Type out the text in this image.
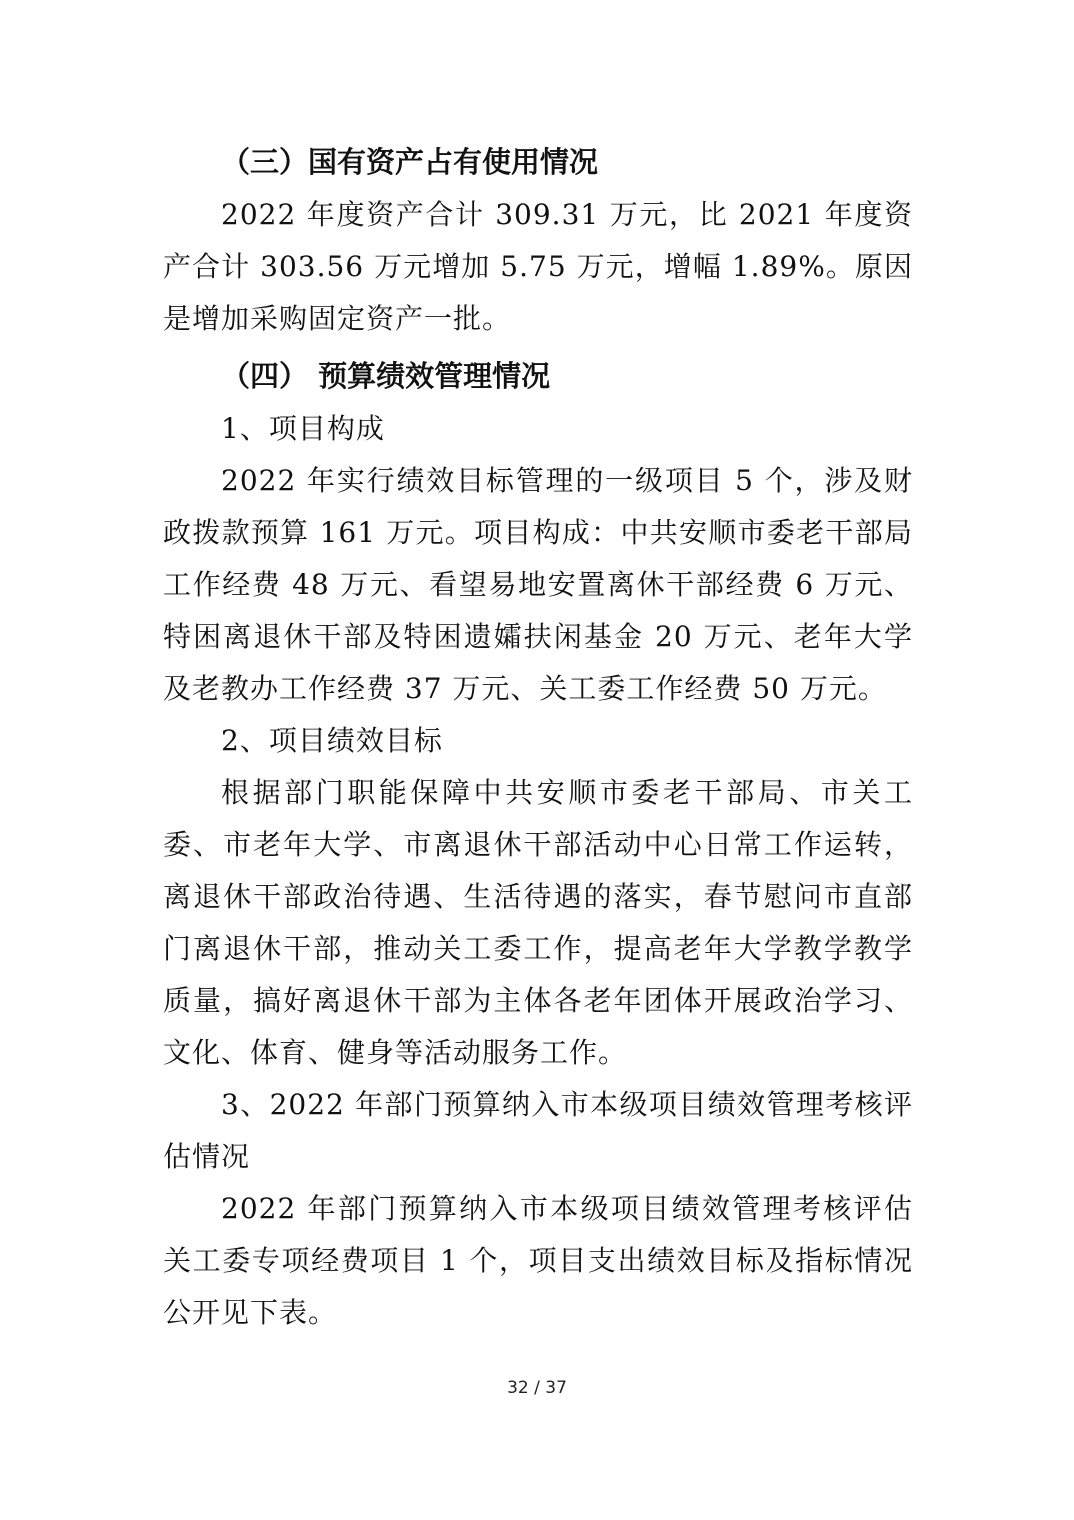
（三）国有资产占有使用情况

2022 年度资产合计 309.31 万元，比 2021 年度资产合计 303.56 万元增加 5.75 万元，增幅 1.89%。原因是增加采购固定资产一批。

（四） 预算绩效管理情况

1、项目构成

2022 年实行绩效目标管理的一级项目 5 个，涉及财政拨款预算 161 万元。项目构成：中共安顺市委老干部局工作经费 48 万元、看望易地安置离休干部经费 6 万元、特困离退休干部及特困遗孀扶闲基金 20 万元、老年大学及老教办工作经费 37 万元、关工委工作经费 50 万元。

2、项目绩效目标

根据部门职能保障中共安顺市委老干部局、市关工委、市老年大学、市离退休干部活动中心日常工作运转，离退休干部政治待遇、生活待遇的落实，春节慰问市直部门离退休干部，推动关工委工作，提高老年大学教学教学质量，搞好离退休干部为主体各老年团体开展政治学习、文化、体育、健身等活动服务工作。

3、2022 年部门预算纳入市本级项目绩效管理考核评估情况

2022 年部门预算纳入市本级项目绩效管理考核评估关工委专项经费项目 1 个，项目支出绩效目标及指标情况公开见下表。

32 / 37
